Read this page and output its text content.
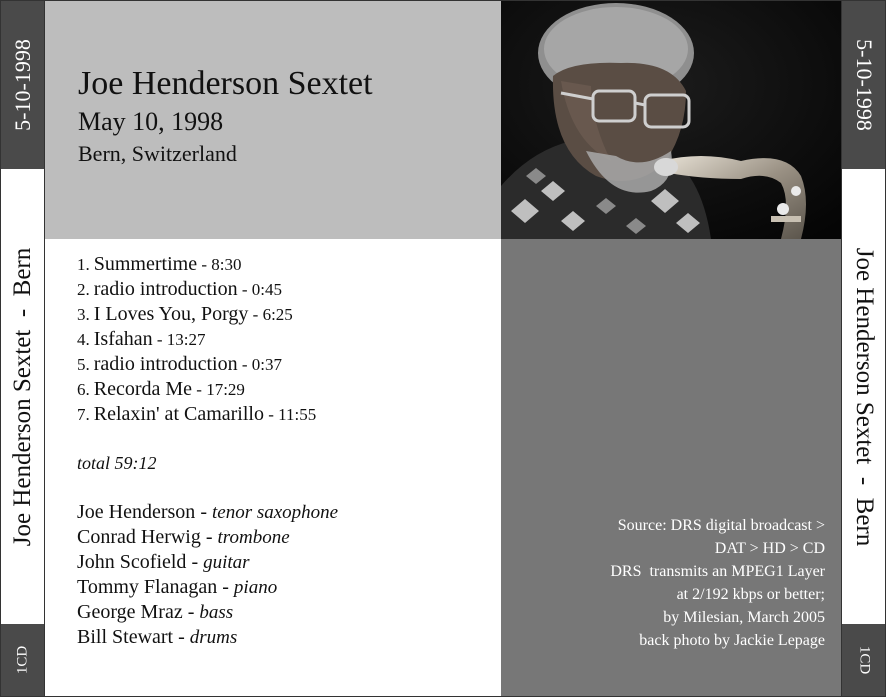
5-10-1998
Joe Henderson Sextet  -  Bern
1CD
5-10-1998
Joe Henderson Sextet  -  Bern
1CD
Joe Henderson Sextet
May 10, 1998
Bern, Switzerland
Source: DRS digital broadcast >
DAT > HD > CD
DRS  transmits an MPEG1 Layer
at 2/192 kbps or better;
by Milesian, March 2005
back photo by Jackie Lepage
1. Summertime - 8:30
2. radio introduction - 0:45
3. I Loves You, Porgy - 6:25
4. Isfahan - 13:27
5. radio introduction - 0:37
6. Recorda Me - 17:29
7. Relaxin' at Camarillo - 11:55
total 59:12
Joe Henderson - tenor saxophone
Conrad Herwig - trombone
John Scofield - guitar
Tommy Flanagan - piano
George Mraz - bass
Bill Stewart - drums
